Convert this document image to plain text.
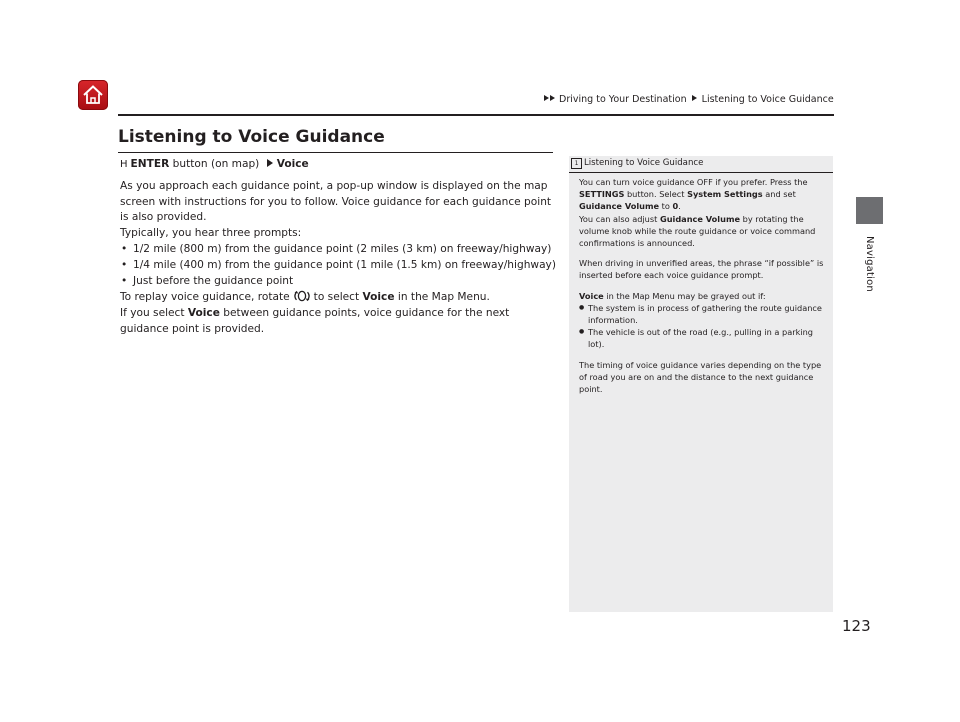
Driving to Your Destination Listening to Voice Guidance
Navigation
Listening to Voice Guidance

H ENTER button (on map) Voice

As you approach each guidance point, a pop-up window is displayed on the map screen with instructions for you to follow. Voice guidance for each guidance point is also provided.

Typically, you hear three prompts:

• 1/2 mile (800 m) from the guidance point (2 miles (3 km) on freeway/highway)
• 1/4 mile (400 m) from the guidance point (1 mile (1.5 km) on freeway/highway)
• Just before the guidance point

To replay voice guidance, rotate to select Voice in the Map Menu.

If you select Voice between guidance points, voice guidance for the next guidance point is provided.

1 Listening to Voice Guidance

You can turn voice guidance OFF if you prefer. Press the SETTINGS button. Select System Settings and set Guidance Volume to 0.

You can also adjust Guidance Volume by rotating the volume knob while the route guidance or voice command confirmations is announced.

When driving in unverified areas, the phrase “if possible” is inserted before each voice guidance prompt.

Voice in the Map Menu may be grayed out if:

● The system is in process of gathering the route guidance information.
● The vehicle is out of the road (e.g., pulling in a parking lot).

The timing of voice guidance varies depending on the type of road you are on and the distance to the next guidance point.

123
